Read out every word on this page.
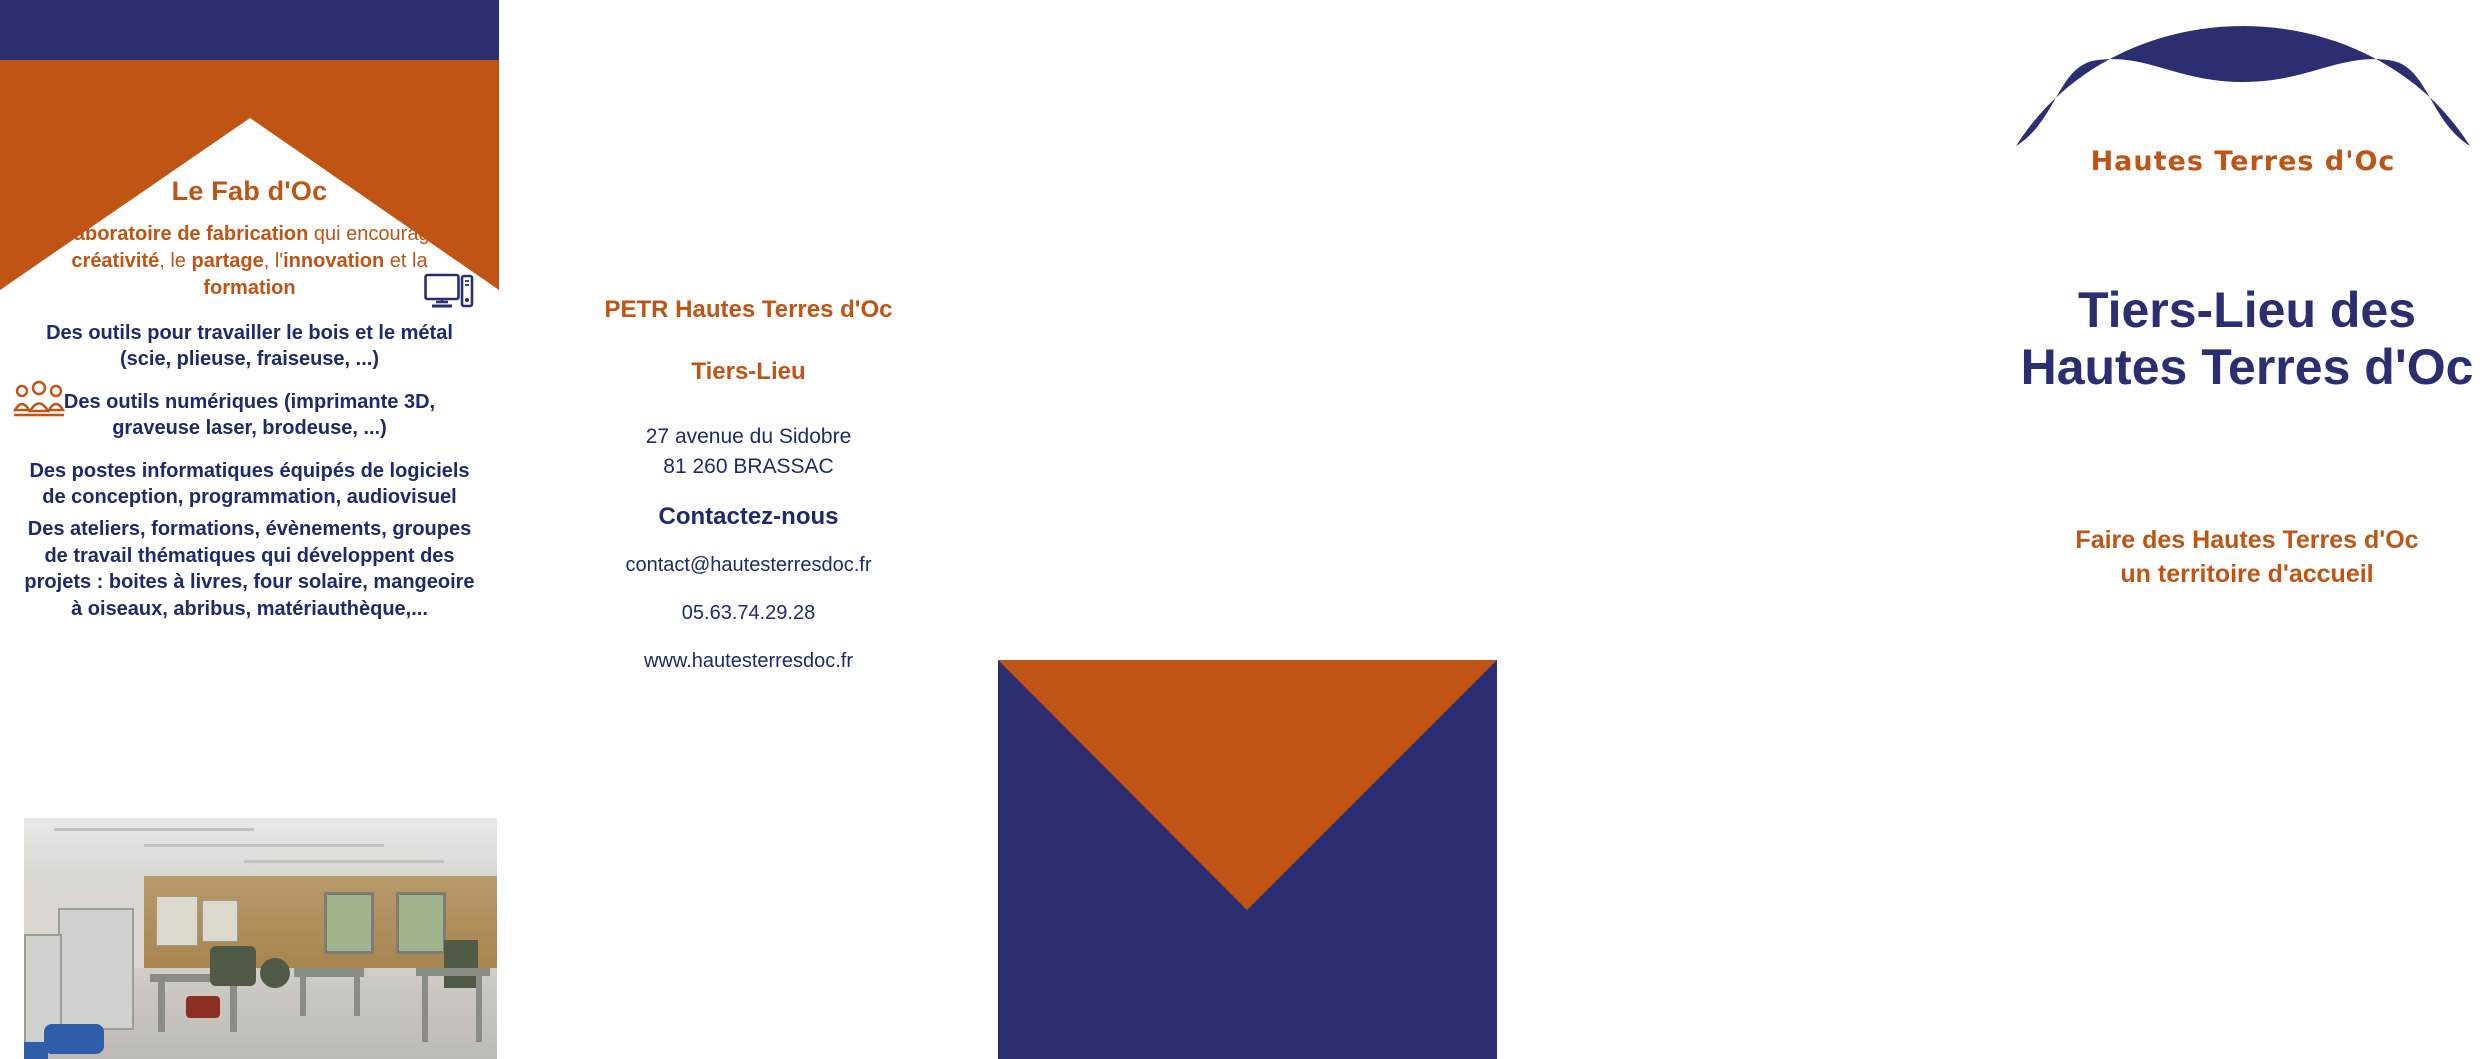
Le Fab d'Oc

Un laboratoire de fabrication qui encourage la créativité, le partage, l'innovation et la formation

Des outils pour travailler le bois et le métal (scie, plieuse, fraiseuse, ...)

Des outils numériques (imprimante 3D, graveuse laser, brodeuse, ...)

Des postes informatiques équipés de logiciels de conception, programmation, audiovisuel

Des ateliers, formations, évènements, groupes de travail thématiques qui développent des projets : boites à livres, four solaire, mangeoire à oiseaux, abribus, matériauthèque,...

PETR Hautes Terres d'Oc

Tiers-Lieu

27 avenue du Sidobre
81 260 BRASSAC

Contactez-nous

contact@hautesterresdoc.fr

05.63.74.29.28

www.hautesterresdoc.fr

Hautes Terres d'Oc
Tiers-Lieu des Hautes Terres d'Oc

Faire des Hautes Terres d'Oc
un territoire d'accueil
